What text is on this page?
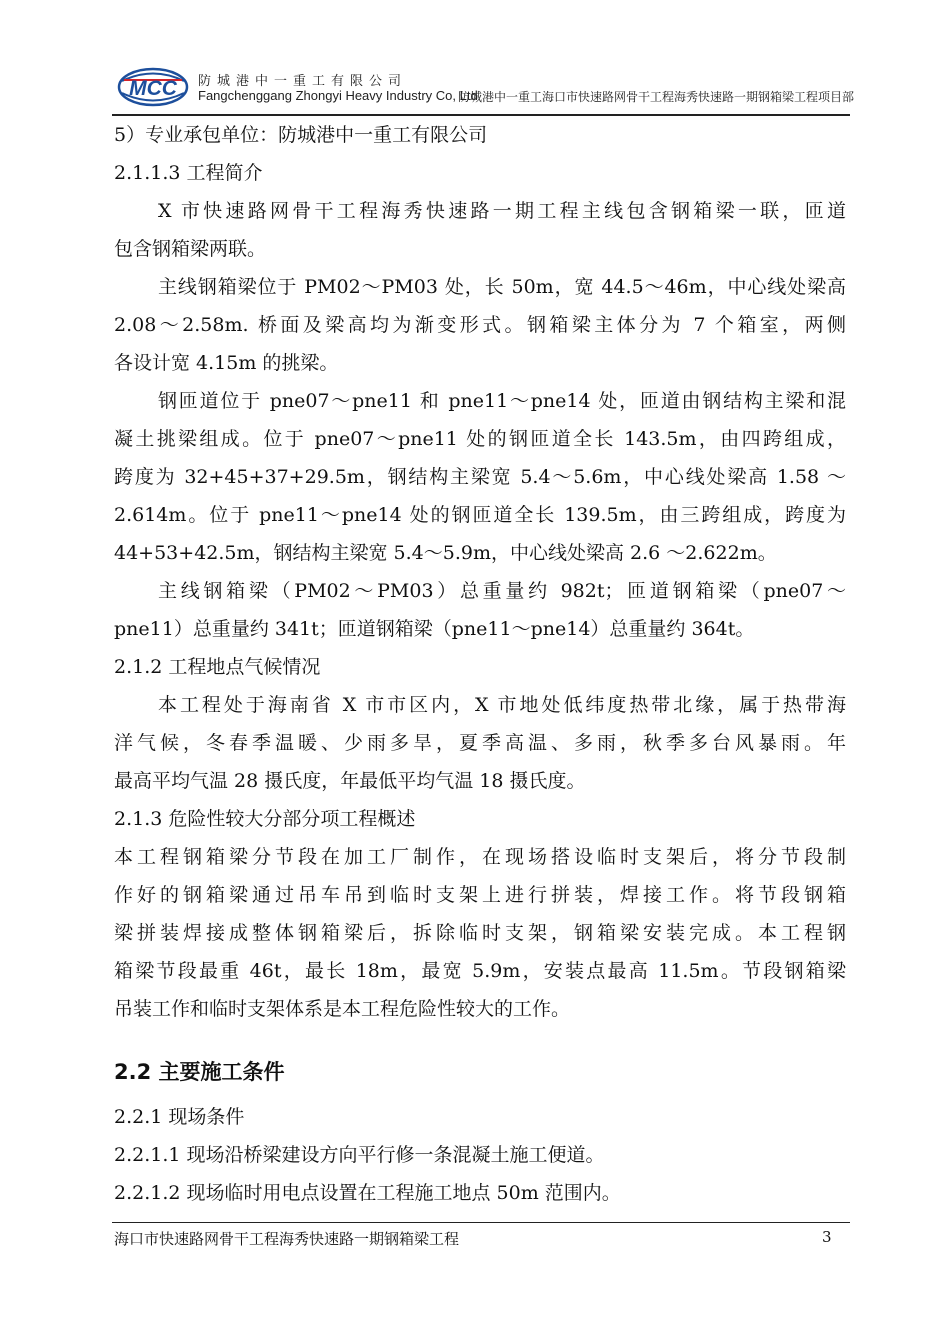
MCC 防城港中一重工有限公司
Fangchenggang Zhongyi Heavy Industry Co, Ltd
防城港中一重工海口市快速路网骨干工程海秀快速路一期钢箱梁工程项目部
5）专业承包单位：防城港中一重工有限公司
2.1.1.3 工程简介
X 市快速路网骨干工程海秀快速路一期工程主线包含钢箱梁一联，匝道
包含钢箱梁两联。
主线钢箱梁位于 PM02～PM03 处，长 50m，宽 44.5～46m，中心线处梁高
2.08～2.58m. 桥面及梁高均为渐变形式。钢箱梁主体分为 7 个箱室，两侧
各设计宽 4.15m 的挑梁。
钢匝道位于 pne07～pne11 和 pne11～pne14 处，匝道由钢结构主梁和混
凝土挑梁组成。位于 pne07～pne11 处的钢匝道全长 143.5m，由四跨组成，
跨度为 32+45+37+29.5m，钢结构主梁宽 5.4～5.6m，中心线处梁高 1.58 ～
2.614m。位于 pne11～pne14 处的钢匝道全长 139.5m，由三跨组成，跨度为
44+53+42.5m，钢结构主梁宽 5.4～5.9m，中心线处梁高 2.6 ～2.622m。
主线钢箱梁（PM02～PM03）总重量约 982t；匝道钢箱梁（pne07～
pne11）总重量约 341t；匝道钢箱梁（pne11～pne14）总重量约 364t。
2.1.2 工程地点气候情况
本工程处于海南省 X 市市区内，X 市地处低纬度热带北缘，属于热带海
洋气候，冬春季温暖、少雨多旱，夏季高温、多雨，秋季多台风暴雨。年
最高平均气温 28 摄氏度，年最低平均气温 18 摄氏度。
2.1.3 危险性较大分部分项工程概述
本工程钢箱梁分节段在加工厂制作，在现场搭设临时支架后，将分节段制
作好的钢箱梁通过吊车吊到临时支架上进行拼装，焊接工作。将节段钢箱
梁拼装焊接成整体钢箱梁后，拆除临时支架，钢箱梁安装完成。本工程钢
箱梁节段最重 46t，最长 18m，最宽 5.9m，安装点最高 11.5m。节段钢箱梁
吊装工作和临时支架体系是本工程危险性较大的工作。
2.2 主要施工条件
2.2.1 现场条件
2.2.1.1 现场沿桥梁建设方向平行修一条混凝土施工便道。
2.2.1.2 现场临时用电点设置在工程施工地点 50m 范围内。
海口市快速路网骨干工程海秀快速路一期钢箱梁工程	3
